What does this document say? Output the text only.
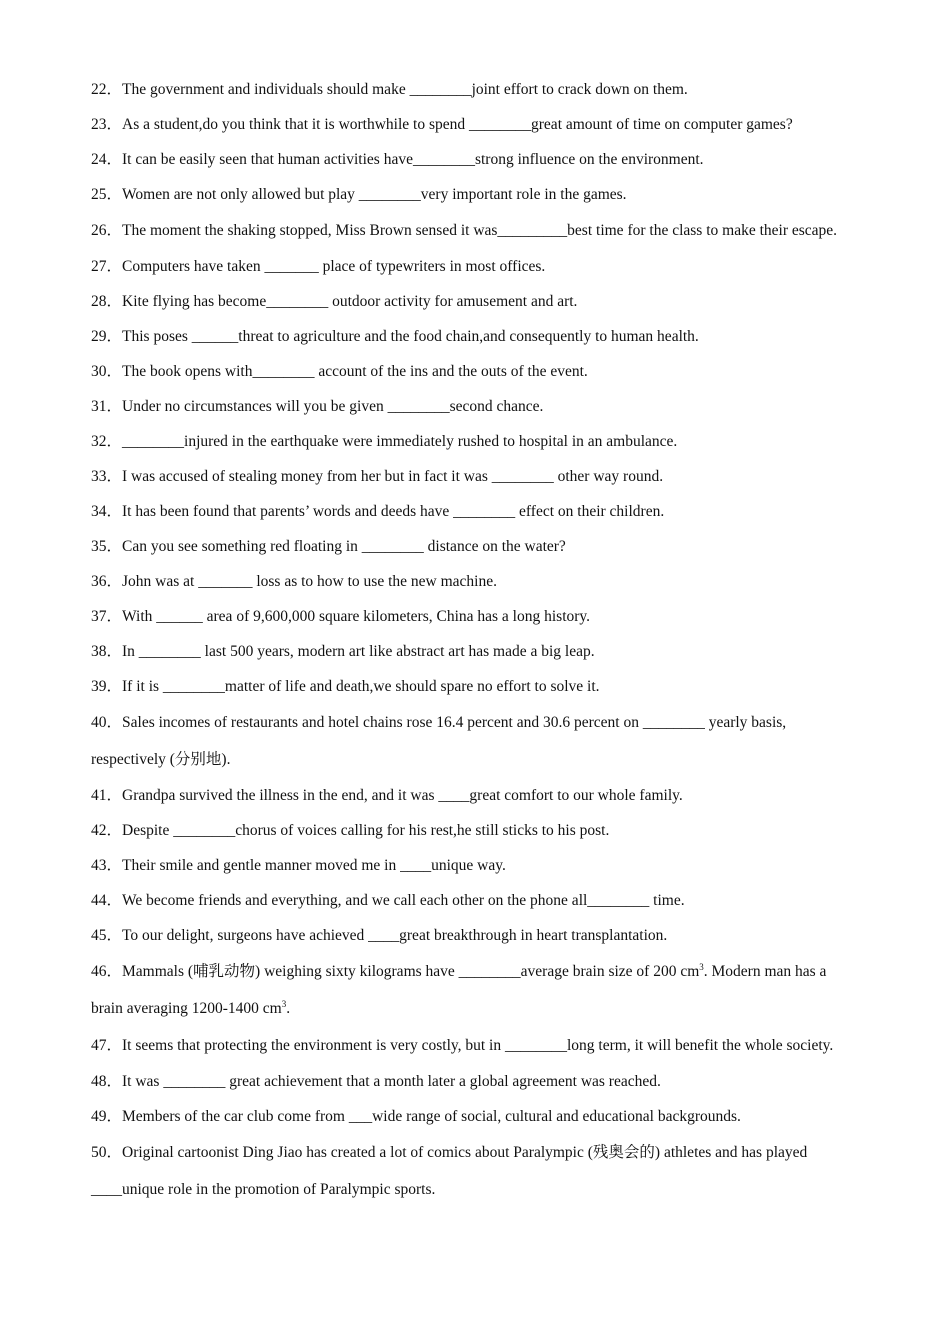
22．The government and individuals should make ________joint effort to crack down on them.

23．As a student,do you think that it is worthwhile to spend ________great amount of time on computer games?

24．It can be easily seen that human activities have________strong influence on the environment.

25．Women are not only allowed but play ________very important role in the games.

26．The moment the shaking stopped, Miss Brown sensed it was_________best time for the class to make their escape.

27．Computers have taken _______ place of typewriters in most offices.

28．Kite flying has become________ outdoor activity for amusement and art.

29．This poses ______threat to agriculture and the food chain,and consequently to human health.

30．The book opens with________ account of the ins and the outs of the event.

31．Under no circumstances will you be given ________second chance.

32．________injured in the earthquake were immediately rushed to hospital in an ambulance.

33．I was accused of stealing money from her but in fact it was ________ other way round.

34．It has been found that parents’ words and deeds have ________ effect on their children.

35．Can you see something red floating in ________ distance on the water?

36．John was at _______ loss as to how to use the new machine.

37．With ______ area of 9,600,000 square kilometers, China has a long history.

38．In ________ last 500 years, modern art like abstract art has made a big leap.

39．If it is ________matter of life and death,we should spare no effort to solve it.

40．Sales incomes of restaurants and hotel chains rose 16.4 percent and 30.6 percent on ________ yearly basis, respectively (分别地).

41．Grandpa survived the illness in the end, and it was ____great comfort to our whole family.

42．Despite ________chorus of voices calling for his rest,he still sticks to his post.

43．Their smile and gentle manner moved me in ____unique way.

44．We become friends and everything, and we call each other on the phone all________ time.

45．To our delight, surgeons have achieved ____great breakthrough in heart transplantation.

46．Mammals (哺乳动物) weighing sixty kilograms have ________average brain size of 200 $cm^3$. Modern man has a brain averaging 1200-1400 $cm^3$.

47．It seems that protecting the environment is very costly, but in ________long term, it will benefit the whole society.

48．It was ________ great achievement that a month later a global agreement was reached.

49．Members of the car club come from ___wide range of social, cultural and educational backgrounds.

50．Original cartoonist Ding Jiao has created a lot of comics about Paralympic (残奥会的) athletes and has played ____unique role in the promotion of Paralympic sports.
